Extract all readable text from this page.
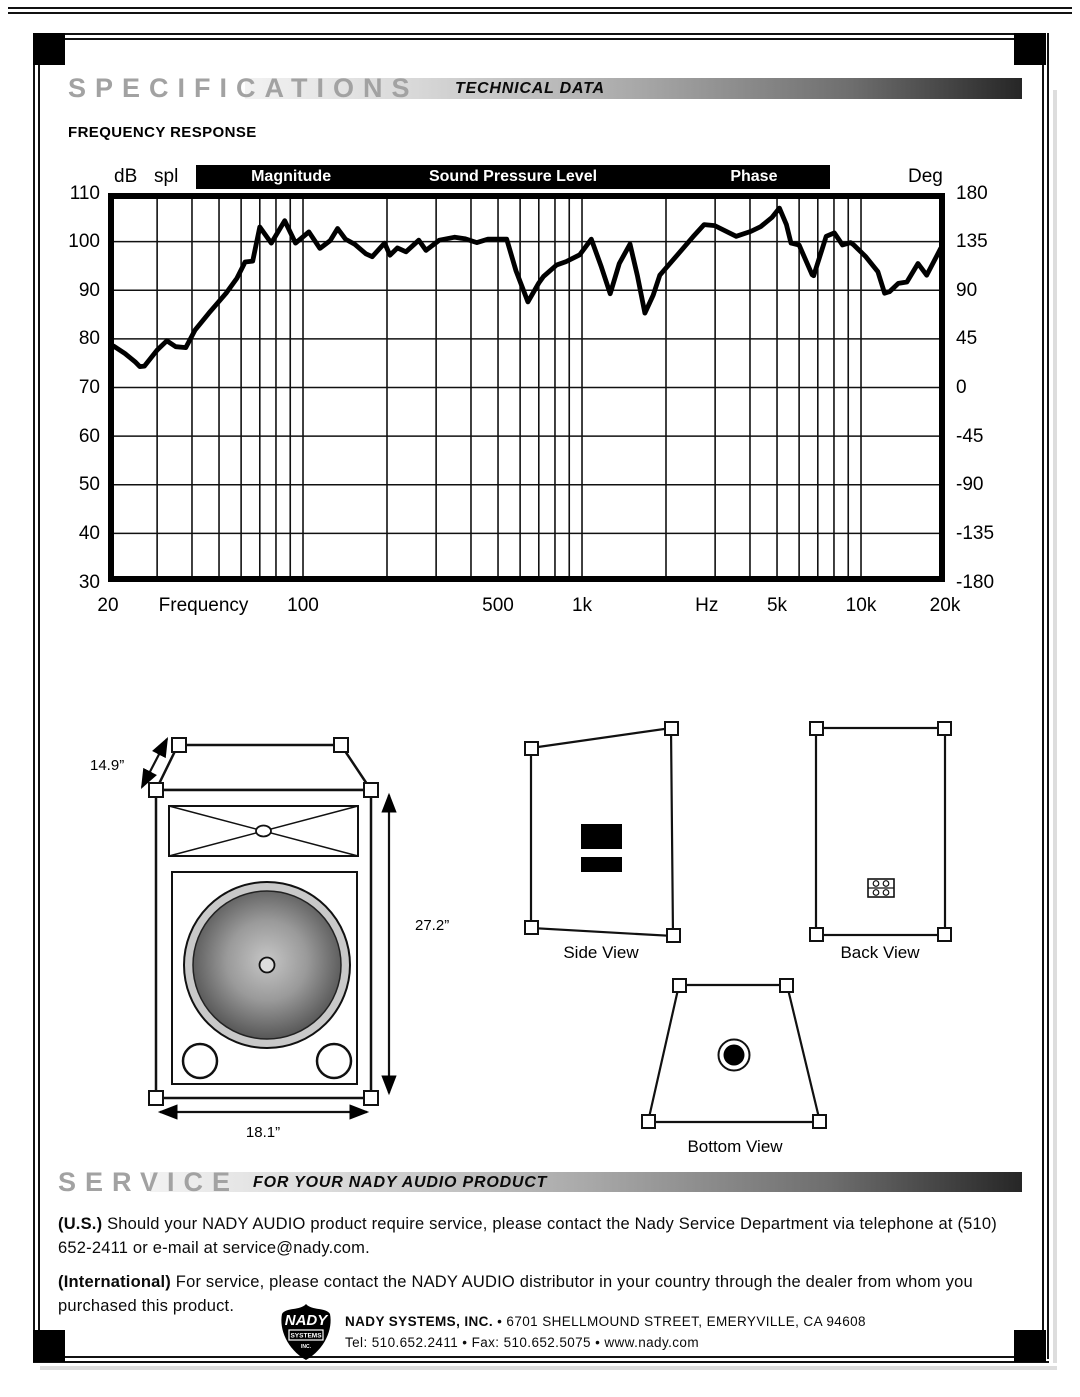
SPECIFICATIONS TECHNICAL DATA
FREQUENCY RESPONSE
dB spl	Magnitude	Sound Pressure Level	Phase	Deg
110
100
90
80
70
60
50
40
30
180
135
90
45
0
-45
-90
-135
-180
20 Frequency 100	500	1k	Hz	5k	10k	20k
14.9”
27.2”
18.1”
Side View	Back View
Bottom View
SERVICE FOR YOUR NADY AUDIO PRODUCT

(U.S.) Should your NADY AUDIO product require service, please contact the Nady Service Department via telephone at (510) 652-2411 or e-mail at service@nady.com.

(International) For service, please contact the NADY AUDIO distributor in your country through the dealer from whom you purchased this product.

NADY
SYSTEMS
INC.
NADY SYSTEMS, INC. • 6701 SHELLMOUND STREET, EMERYVILLE, CA 94608
Tel: 510.652.2411 • Fax: 510.652.5075 • www.nady.com
